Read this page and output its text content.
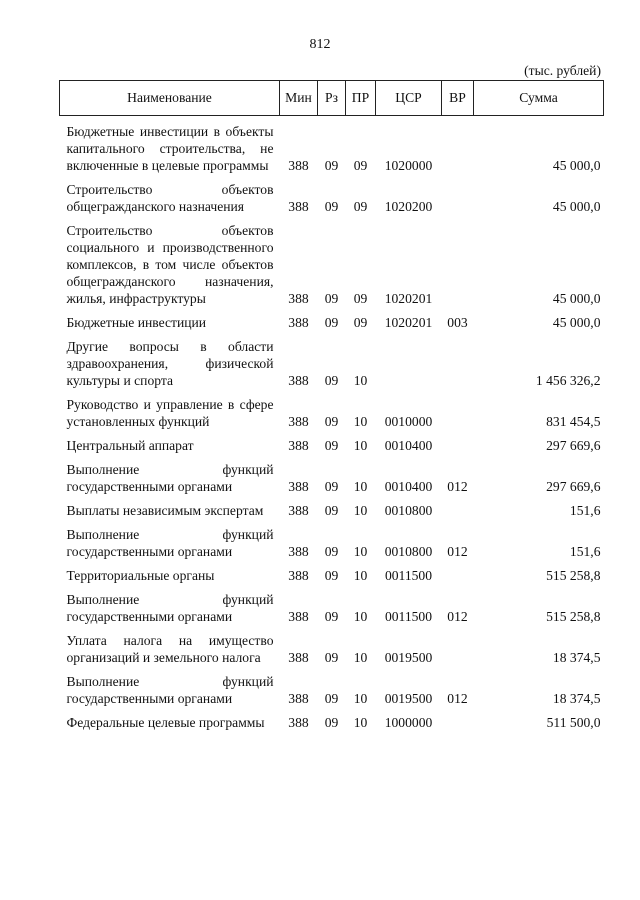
812
(тыс. рублей)
Наименование	Мин	Рз	ПР	ЦСР	ВР	Сумма

Бюджетные инвестиции в объекты капитального строительства, не включенные в целевые программы	388	09	09	1020000		45 000,0

Строительство объектов общегражданского назначения	388	09	09	1020200		45 000,0

Строительство объектов социального и производственного комплексов, в том числе объектов общегражданского назначения, жилья, инфраструктуры	388	09	09	1020201		45 000,0

Бюджетные инвестиции	388	09	09	1020201	003	45 000,0

Другие вопросы в области здравоохранения, физической культуры и спорта	388	09	10			1 456 326,2

Руководство и управление в сфере установленных функций	388	09	10	0010000		831 454,5

Центральный аппарат	388	09	10	0010400		297 669,6

Выполнение функций государственными органами	388	09	10	0010400	012	297 669,6

Выплаты независимым экспертам	388	09	10	0010800		151,6

Выполнение функций государственными органами	388	09	10	0010800	012	151,6

Территориальные органы	388	09	10	0011500		515 258,8

Выполнение функций государственными органами	388	09	10	0011500	012	515 258,8

Уплата налога на имущество организаций и земельного налога	388	09	10	0019500		18 374,5

Выполнение функций государственными органами	388	09	10	0019500	012	18 374,5

Федеральные целевые программы	388	09	10	1000000		511 500,0
